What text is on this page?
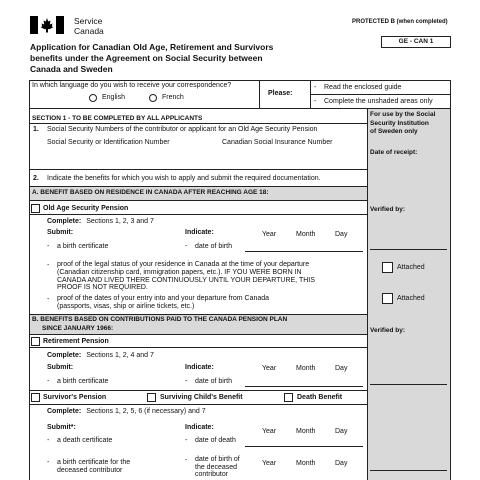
Service
Canada
PROTECTED B (when completed)
GE - CAN 1
Application for Canadian Old Age, Retirement and Survivors
benefits under the Agreement on Social Security between
Canada and Sweden
In which language do you wish to receive your correspondence?
English	French
Please:
- Read the enclosed guide
- Complete the unshaded areas only
For use by the Social
Security Institution
of Sweden only
Date of receipt:
Verified by:
Attached
Attached
Verified by:
SECTION 1 - TO BE COMPLETED BY ALL APPLICANTS
1. Social Security Numbers of the contributor or applicant for an Old Age Security Pension
Social Security or Identification Number	Canadian Social Insurance Number
2. Indicate the benefits for which you wish to apply and submit the required documentation.
A. BENEFIT BASED ON RESIDENCE IN CANADA AFTER REACHING AGE 18:
Old Age Security Pension
Complete: Sections 1, 2, 3 and 7
Submit:	Indicate:	Year	Month	Day
- a birth certificate	- date of birth
- proof of the legal status of your residence in Canada at the time of your departure
(Canadian citizenship card, immigration papers, etc.). IF YOU WERE BORN IN
CANADA AND LIVED THERE CONTINUOUSLY UNTIL YOUR DEPARTURE, THIS
PROOF IS NOT REQUIRED.
- proof of the dates of your entry into and your departure from Canada
(passports, visas, ship or airline tickets, etc.)
B. BENEFITS BASED ON CONTRIBUTIONS PAID TO THE CANADA PENSION PLAN
SINCE JANUARY 1966:
Retirement Pension
Complete: Sections 1, 2, 4 and 7
Submit:	Indicate:	Year	Month	Day
- a birth certificate	- date of birth
Survivor's Pension	Surviving Child's Benefit	Death Benefit
Complete: Sections 1, 2, 5, 6 (if necessary) and 7
Submit*:	Indicate:
Year	Month	Day
- a death certificate	- date of death
- a birth certificate for the
deceased contributor
- date of birth of
the deceased
contributor
Year	Month	Day
